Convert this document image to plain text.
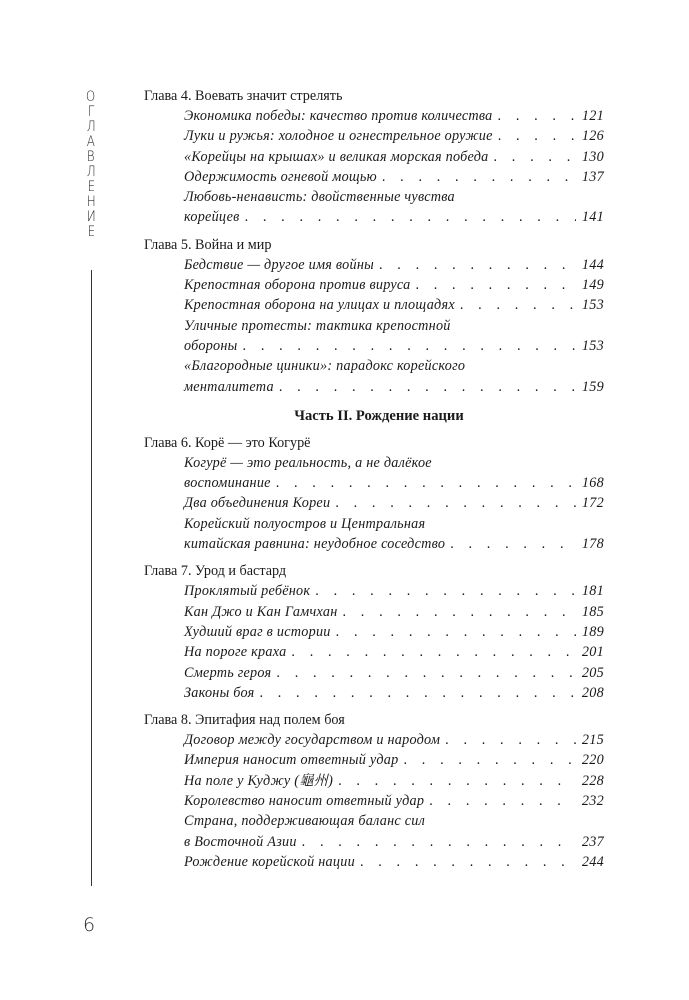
О
Г
Л
А
В
Л
Е
Н
И
Е
Глава 4. Воевать значит стрелять
Экономика победы: качество против количества . . .	121
Луки и ружья: холодное и огнестрельное оружие . . .	126
«Корейцы на крышах» и великая морская победа . . .	130
Одержимость огневой мощью . . .	137
Любовь-ненависть: двойственные чувства
корейцев . . .	141
Глава 5. Война и мир
Бедствие — другое имя войны . . .	144
Крепостная оборона против вируса . . .	149
Крепостная оборона на улицах и площадях . . .	153
Уличные протесты: тактика крепостной
обороны . . .	153
«Благородные циники»: парадокс корейского
менталитета . . .	159
Часть II. Рождение нации
Глава 6. Корё — это Когурё
Когурё — это реальность, а не далёкое
воспоминание . . .	168
Два объединения Кореи . . .	172
Корейский полуостров и Центральная
китайская равнина: неудобное соседство . . .	178
Глава 7. Урод и бастард
Проклятый ребёнок . . .	181
Кан Джо и Кан Гамчхан . . .	185
Худший враг в истории . . .	189
На пороге краха . . .	201
Смерть героя . . .	205
Законы боя . . .	208
Глава 8. Эпитафия над полем боя
Договор между государством и народом . . .	215
Империя наносит ответный удар . . .	220
На поле у Куджу (龜州) . . .	228
Королевство наносит ответный удар . . .	232
Страна, поддерживающая баланс сил
в Восточной Азии . . .	237
Рождение корейской нации . . .	244
6
